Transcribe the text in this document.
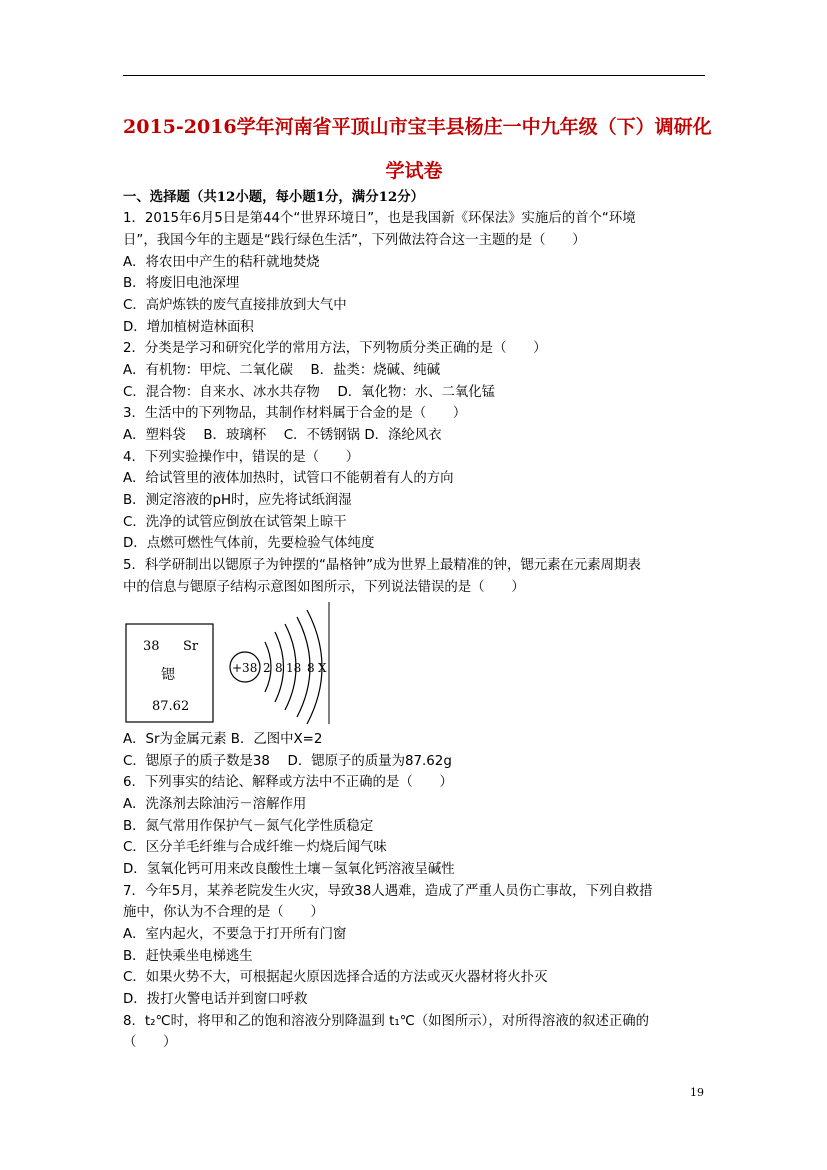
2015-2016学年河南省平顶山市宝丰县杨庄一中九年级（下）调研化
学试卷
一、选择题（共12小题，每小题1分，满分12分）
1．2015年6月5日是第44个“世界环境日”，也是我国新《环保法》实施后的首个“环境
日”，我国今年的主题是“践行绿色生活”，下列做法符合这一主题的是（　　）
A．将农田中产生的秸秆就地焚烧
B．将废旧电池深埋
C．高炉炼铁的废气直接排放到大气中
D．增加植树造林面积
2．分类是学习和研究化学的常用方法，下列物质分类正确的是（　　）
A．有机物：甲烷、二氧化碳　 B．盐类：烧碱、纯碱
C．混合物：自来水、冰水共存物　 D．氧化物：水、二氧化锰
3．生活中的下列物品，其制作材料属于合金的是（　　）
A．塑料袋　 B．玻璃杯　 C．不锈钢锅 D．涤纶风衣
4．下列实验操作中，错误的是（　　）
A．给试管里的液体加热时，试管口不能朝着有人的方向
B．测定溶液的pH时，应先将试纸润湿
C．洗净的试管应倒放在试管架上晾干
D．点燃可燃性气体前，先要检验气体纯度
5．科学研制出以锶原子为钟摆的“晶格钟”成为世界上最精准的钟，锶元素在元素周期表
中的信息与锶原子结构示意图如图所示，下列说法错误的是（　　）
38 Sr
锶
87.62
+38 2 8 18 8 X
A．Sr为金属元素 B．乙图中X=2
C．锶原子的质子数是38　 D．锶原子的质量为87.62g
6．下列事实的结论、解释或方法中不正确的是（　　）
A．洗涤剂去除油污－溶解作用
B．氮气常用作保护气－氮气化学性质稳定
C．区分羊毛纤维与合成纤维－灼烧后闻气味
D．氢氧化钙可用来改良酸性土壤－氢氧化钙溶液呈碱性
7．今年5月，某养老院发生火灾，导致38人遇难，造成了严重人员伤亡事故，下列自救措
施中，你认为不合理的是（　　）
A．室内起火，不要急于打开所有门窗
B．赶快乘坐电梯逃生
C．如果火势不大，可根据起火原因选择合适的方法或灭火器材将火扑灭
D．拨打火警电话并到窗口呼救
8．t₂℃时，将甲和乙的饱和溶液分别降温到 t₁℃（如图所示），对所得溶液的叙述正确的
（　　）
19
